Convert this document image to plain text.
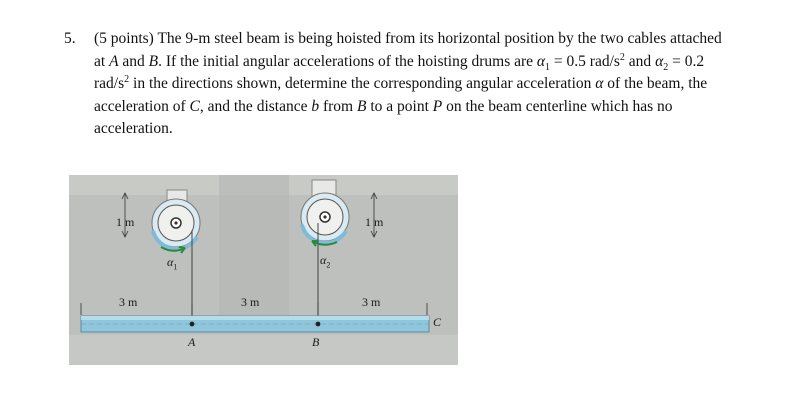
5. (5 points) The 9-m steel beam is being hoisted from its horizontal position by the two cables attached at A and B. If the initial angular accelerations of the hoisting drums are $\alpha_1 = 0.5$ rad/$s^2$ and $\alpha_2 = 0.2$ rad/$s^2$ in the directions shown, determine the corresponding angular acceleration α of the beam, the acceleration of C, and the distance b from B to a point P on the beam centerline which has no acceleration.
1 m	1 m
$\alpha_1$	$\alpha_2$
3 m	3 m	3 m
A	B
C
